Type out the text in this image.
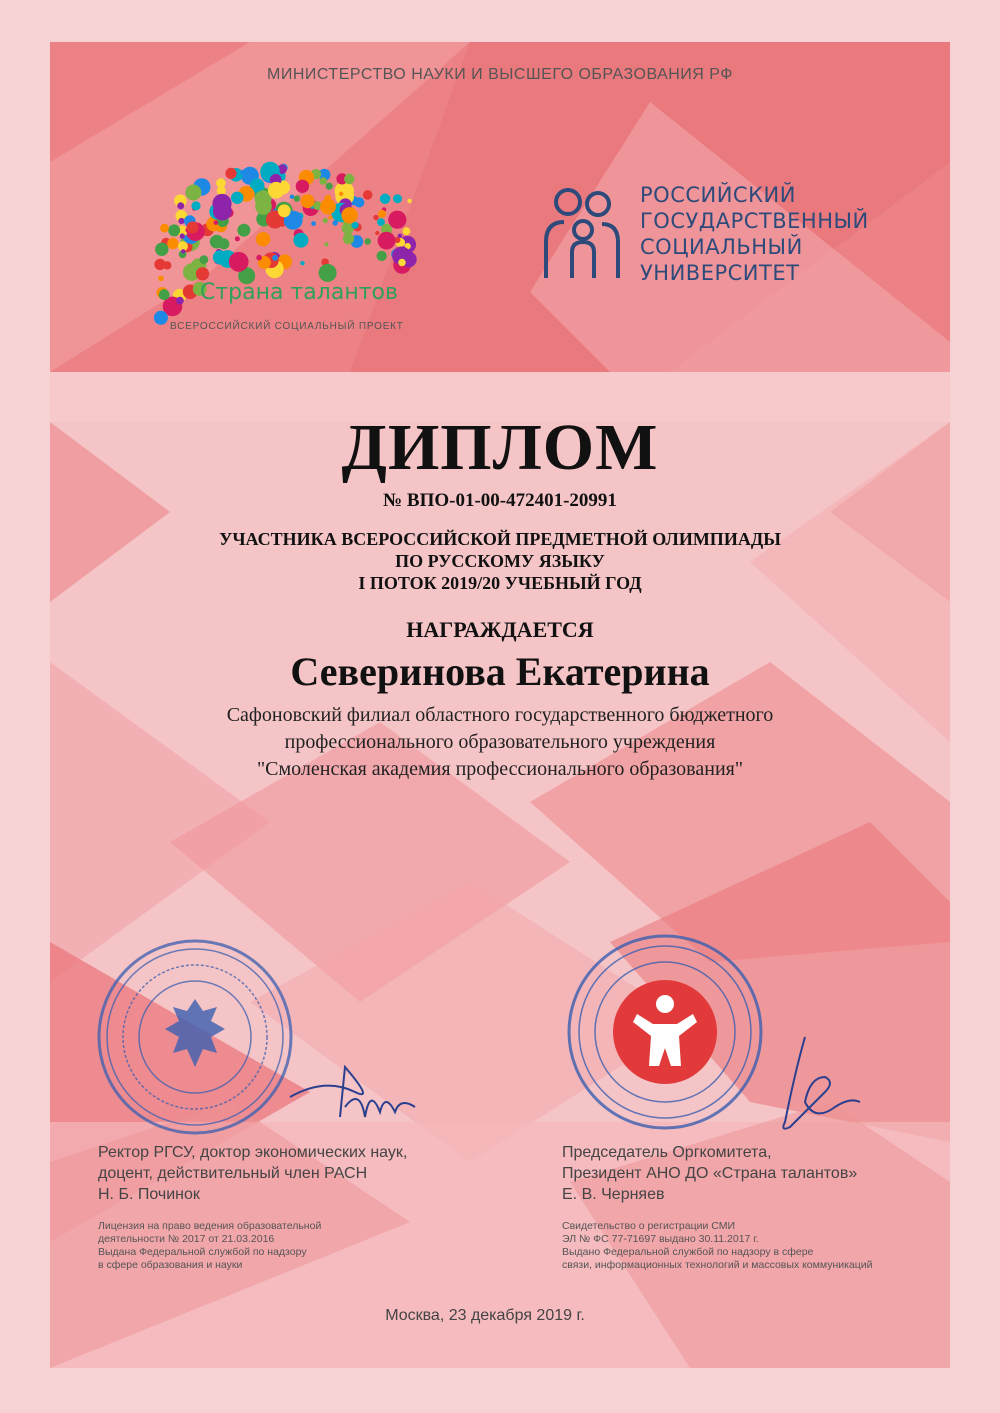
МИНИСТЕРСТВО НАУКИ И ВЫСШЕГО ОБРАЗОВАНИЯ РФ
Страна талантов
ВСЕРОССИЙСКИЙ СОЦИАЛЬНЫЙ ПРОЕКТ
РОССИЙСКИЙ
ГОСУДАРСТВЕННЫЙ
СОЦИАЛЬНЫЙ
УНИВЕРСИТЕТ
ДИПЛОМ
№ ВПО-01-00-472401-20991
УЧАСТНИКА ВСЕРОССИЙСКОЙ ПРЕДМЕТНОЙ ОЛИМПИАДЫ
ПО РУССКОМУ ЯЗЫКУ
I ПОТОК 2019/20 УЧЕБНЫЙ ГОД
НАГРАЖДАЕТСЯ
Северинова Екатерина
Сафоновский филиал областного государственного бюджетного
профессионального образовательного учреждения
"Смоленская академия профессионального образования"
Ректор РГСУ, доктор экономических наук,
доцент, действительный член РАСН
Н. Б. Починок
Лицензия на право ведения образовательной
деятельности № 2017 от 21.03.2016
Выдана Федеральной службой по надзору
в сфере образования и науки
Председатель Оргкомитета,
Президент АНО ДО «Страна талантов»
Е. В. Черняев
Свидетельство о регистрации СМИ
ЭЛ № ФС 77-71697 выдано 30.11.2017 г.
Выдано Федеральной службой по надзору в сфере
связи, информационных технологий и массовых коммуникаций
Москва, 23 декабря 2019 г.
